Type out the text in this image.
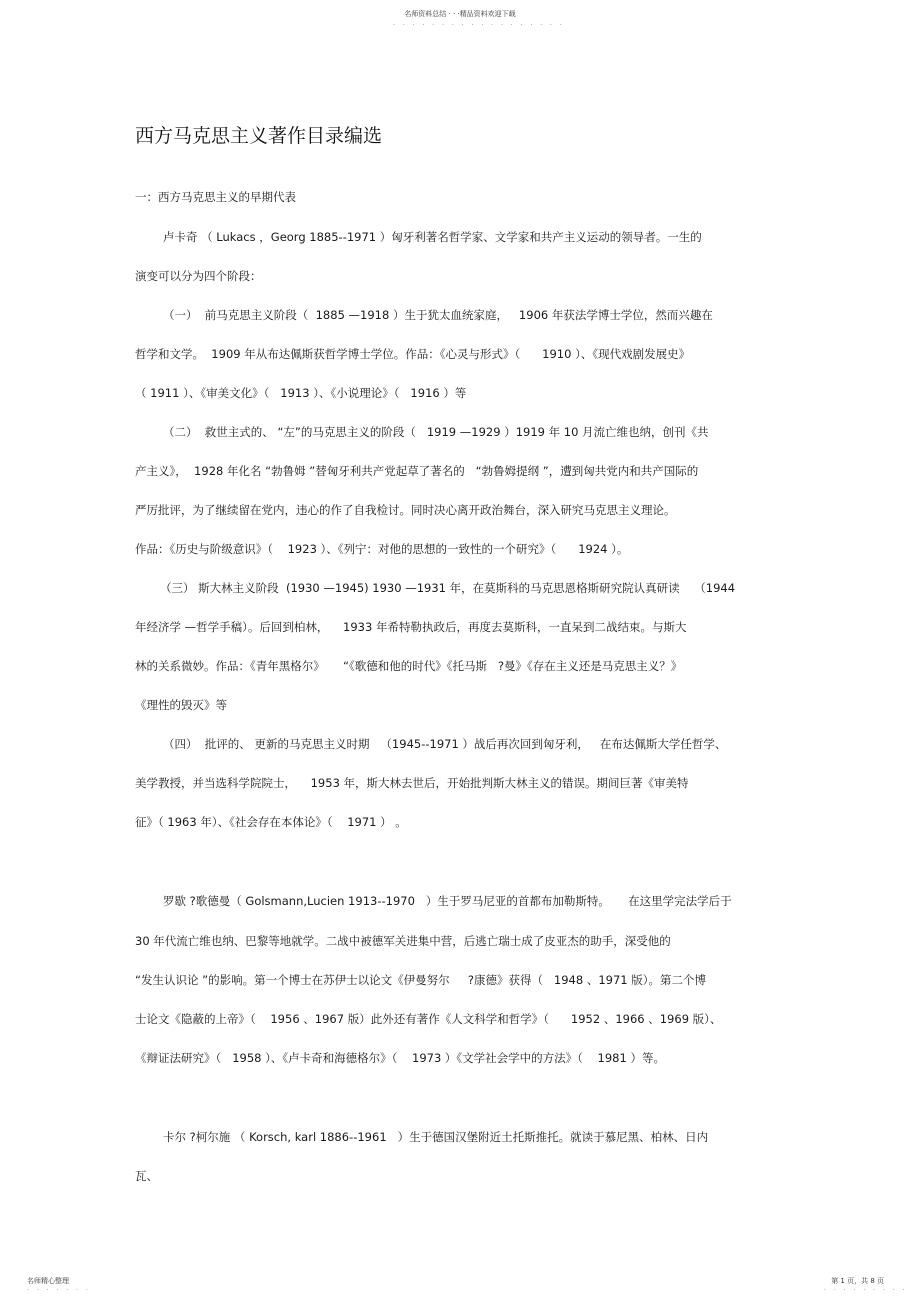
名师资料总结 · · ·精品资料欢迎下载
· · · · · · · · · · · · · · · · · ·
西方马克思主义著作目录编选
一：西方马克思主义的早期代表
卢卡奇 （ Lukacs ，Georg 1885--1971 ）匈牙利著名哲学家、文学家和共产主义运动的领导者。一生的
演变可以分为四个阶段：
（一）  前马克思主义阶段（  1885 —1918 ）生于犹太血统家庭，   1906 年获法学博士学位，然而兴趣在
哲学和文学。  1909 年从布达佩斯获哲学博士学位。作品：《心灵与形式》（      1910 ）、《现代戏剧发展史》
（ 1911 ）、《审美文化》（   1913 ）、《小说理论》（   1916 ）等
（二）  救世主式的、 “左”的马克思主义的阶段（   1919 —1929 ）1919 年 10 月流亡维也纳，创刊《共
产主义》，  1928 年化名 “勃鲁姆 ”替匈牙利共产党起草了著名的   “勃鲁姆提纲 ”，遭到匈共党内和共产国际的
严厉批评，为了继续留在党内，违心的作了自我检讨。同时决心离开政治舞台，深入研究马克思主义理论。
作品：《历史与阶级意识》（    1923 ）、《列宁：对他的思想的一致性的一个研究》（      1924 ）。
（三） 斯大林主义阶段  (1930 —1945) 1930 —1931 年，在莫斯科的马克思恩格斯研究院认真研读    （1944
年经济学 —哲学手稿）。后回到柏林，    1933 年希特勒执政后，再度去莫斯科，一直呆到二战结束。与斯大
林的关系微妙。作品：《青年黑格尔》     “《歌德和他的时代》《托马斯   ?曼》《存在主义还是马克思主义？》
《理性的毁灭》等
（四）  批评的、 更新的马克思主义时期   （1945--1971 ）战后再次回到匈牙利，   在布达佩斯大学任哲学、
美学教授，并当选科学院院士，    1953 年，斯大林去世后，开始批判斯大林主义的错误。期间巨著《审美特
征》（ 1963 年）、《社会存在本体论》（    1971 ） 。
罗歇 ?歌德曼（ Golsmann,Lucien 1913--1970   ）生于罗马尼亚的首都布加勒斯特。     在这里学完法学后于
30 年代流亡维也纳、巴黎等地就学。二战中被德军关进集中营，后逃亡瑞士成了皮亚杰的助手，深受他的
“发生认识论 ”的影响。第一个博士在苏伊士以论文《伊曼努尔     ?康德》获得（   1948 、1971 版）。第二个博
士论文《隐蔽的上帝》（    1956 、1967 版）此外还有著作《人文科学和哲学》（      1952 、1966 、1969 版）、
《辩证法研究》（   1958 ）、《卢卡奇和海德格尔》（    1973 ）《文学社会学中的方法》（    1981 ）等。
卡尔 ?柯尔施 （ Korsch, karl 1886--1961   ）生于德国汉堡附近土托斯推托。就读于慕尼黑、柏林、日内
瓦、
名师精心整理
· · · · · · ·
第 1 页，共 8 页
· · · · · · · · ·
